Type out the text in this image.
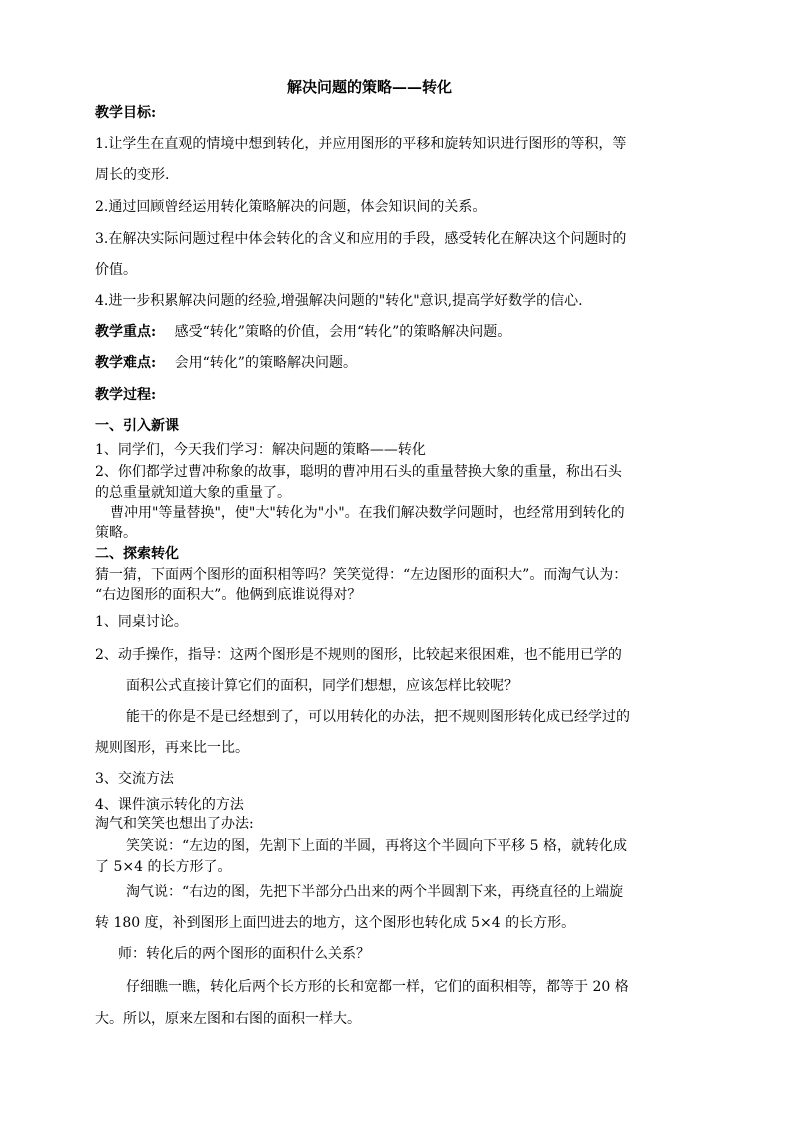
解决问题的策略——转化
教学目标:
1.让学生在直观的情境中想到转化，并应用图形的平移和旋转知识进行图形的等积，等
周长的变形.
2.通过回顾曾经运用转化策略解决的问题，体会知识间的关系。
3.在解决实际问题过程中体会转化的含义和应用的手段，感受转化在解决这个问题时的
价值。
4.进一步积累解决问题的经验,增强解决问题的"转化"意识,提高学好数学的信心.
教学重点: 感受“转化”策略的价值，会用“转化”的策略解决问题。
教学难点: 会用“转化”的策略解决问题。
教学过程:
一、引入新课
1、同学们，今天我们学习：解决问题的策略——转化
2、你们都学过曹冲称象的故事，聪明的曹冲用石头的重量替换大象的重量，称出石头
的总重量就知道大象的重量了。
曹冲用"等量替换"，使"大"转化为"小"。在我们解决数学问题时，也经常用到转化的
策略。
二、探索转化
猜一猜，下面两个图形的面积相等吗？笑笑觉得：“左边图形的面积大”。而淘气认为：
“右边图形的面积大”。他俩到底谁说得对？
1、同桌讨论。
2、动手操作，指导：这两个图形是不规则的图形，比较起来很困难，也不能用已学的
面积公式直接计算它们的面积，同学们想想，应该怎样比较呢？
能干的你是不是已经想到了，可以用转化的办法，把不规则图形转化成已经学过的
规则图形，再来比一比。
3、交流方法
4、课件演示转化的方法
淘气和笑笑也想出了办法:
笑笑说：“左边的图，先割下上面的半圆，再将这个半圆向下平移 5 格，就转化成
了 5×4 的长方形了。
淘气说：“右边的图，先把下半部分凸出来的两个半圆割下来，再绕直径的上端旋
转 180 度，补到图形上面凹进去的地方，这个图形也转化成 5×4 的长方形。
师：转化后的两个图形的面积什么关系？
仔细瞧一瞧，转化后两个长方形的长和宽都一样，它们的面积相等，都等于 20 格
大。所以，原来左图和右图的面积一样大。
